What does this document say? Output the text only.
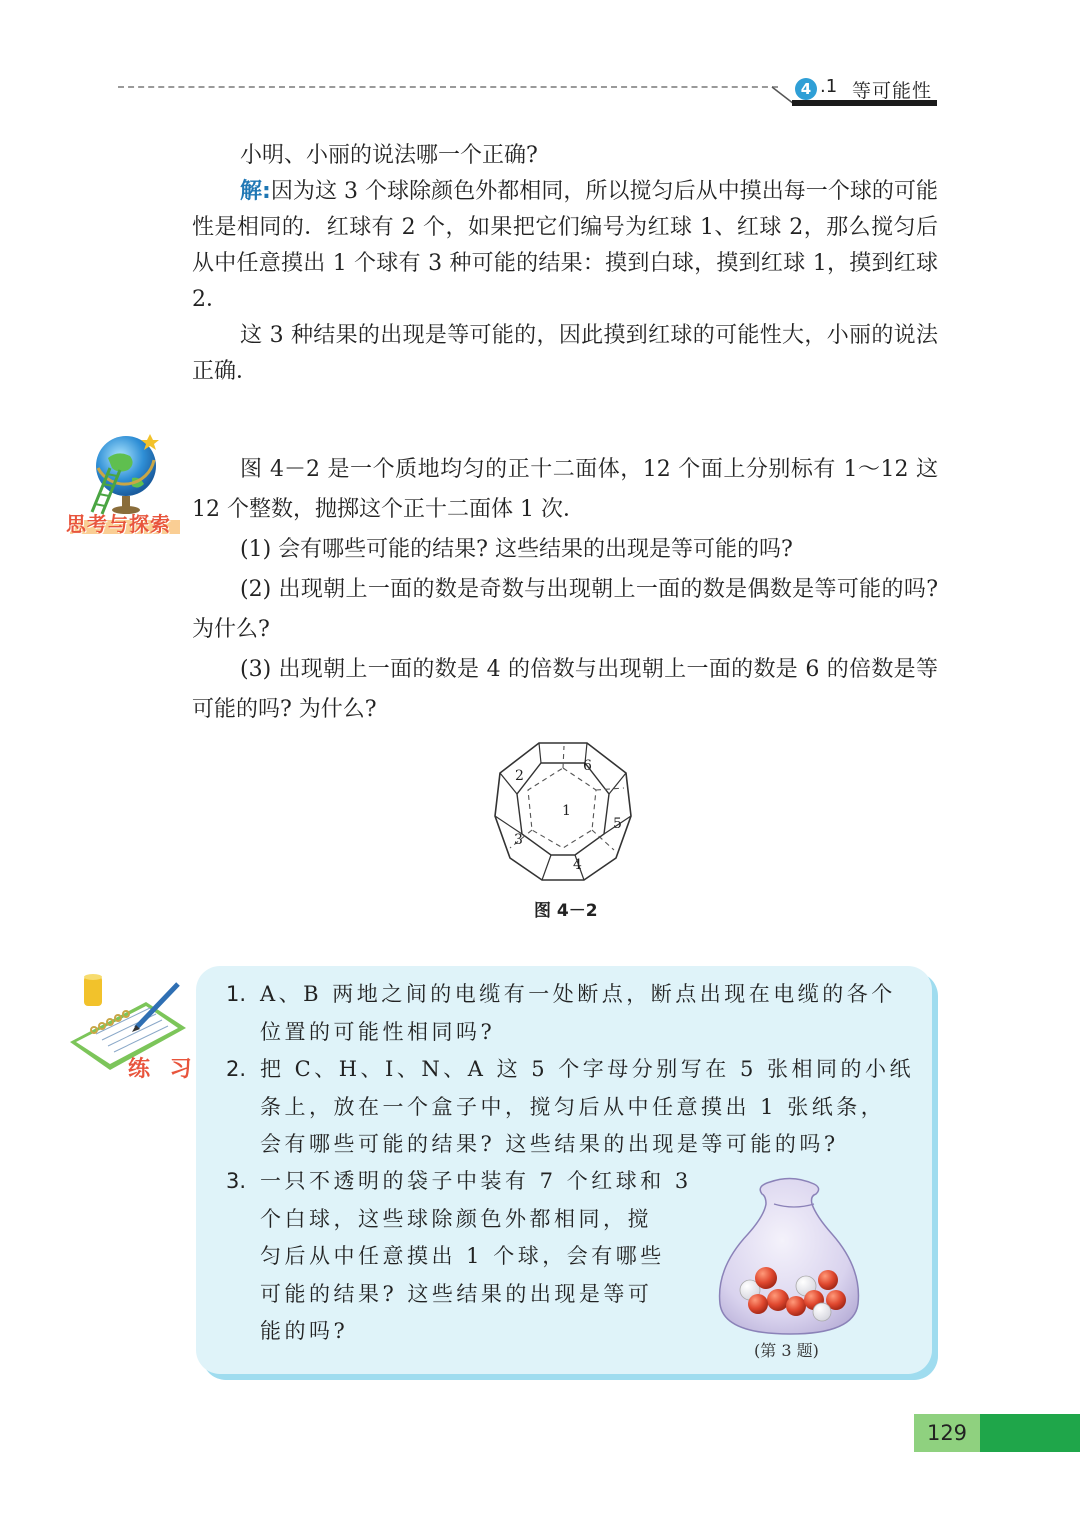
4 .1 等可能性

小明、小丽的说法哪一个正确?

解:因为这 3 个球除颜色外都相同，所以搅匀后从中摸出每一个球的可能性是相同的．红球有 2 个，如果把它们编号为红球 1、红球 2，那么搅匀后从中任意摸出 1 个球有 3 种可能的结果：摸到白球，摸到红球 1，摸到红球 2．

这 3 种结果的出现是等可能的，因此摸到红球的可能性大，小丽的说法正确．

思考与探索

图 4－2 是一个质地均匀的正十二面体，12 个面上分别标有 1～12 这 12 个整数，抛掷这个正十二面体 1 次．

(1) 会有哪些可能的结果? 这些结果的出现是等可能的吗?

(2) 出现朝上一面的数是奇数与出现朝上一面的数是偶数是等可能的吗? 为什么?

(3) 出现朝上一面的数是 4 的倍数与出现朝上一面的数是 6 的倍数是等可能的吗? 为什么?

1
2
3
4
5
6
图 4－2
练 习
1. A、B 两地之间的电缆有一处断点，断点出现在电缆的各个
位置的可能性相同吗?
2. 把 C、H、I、N、A 这 5 个字母分别写在 5 张相同的小纸
条上，放在一个盒子中，搅匀后从中任意摸出 1 张纸条，
会有哪些可能的结果? 这些结果的出现是等可能的吗?
3. 一只不透明的袋子中装有 7 个红球和 3
个白球，这些球除颜色外都相同，搅
匀后从中任意摸出 1 个球，会有哪些
可能的结果? 这些结果的出现是等可
能的吗?
(第 3 题)
129
